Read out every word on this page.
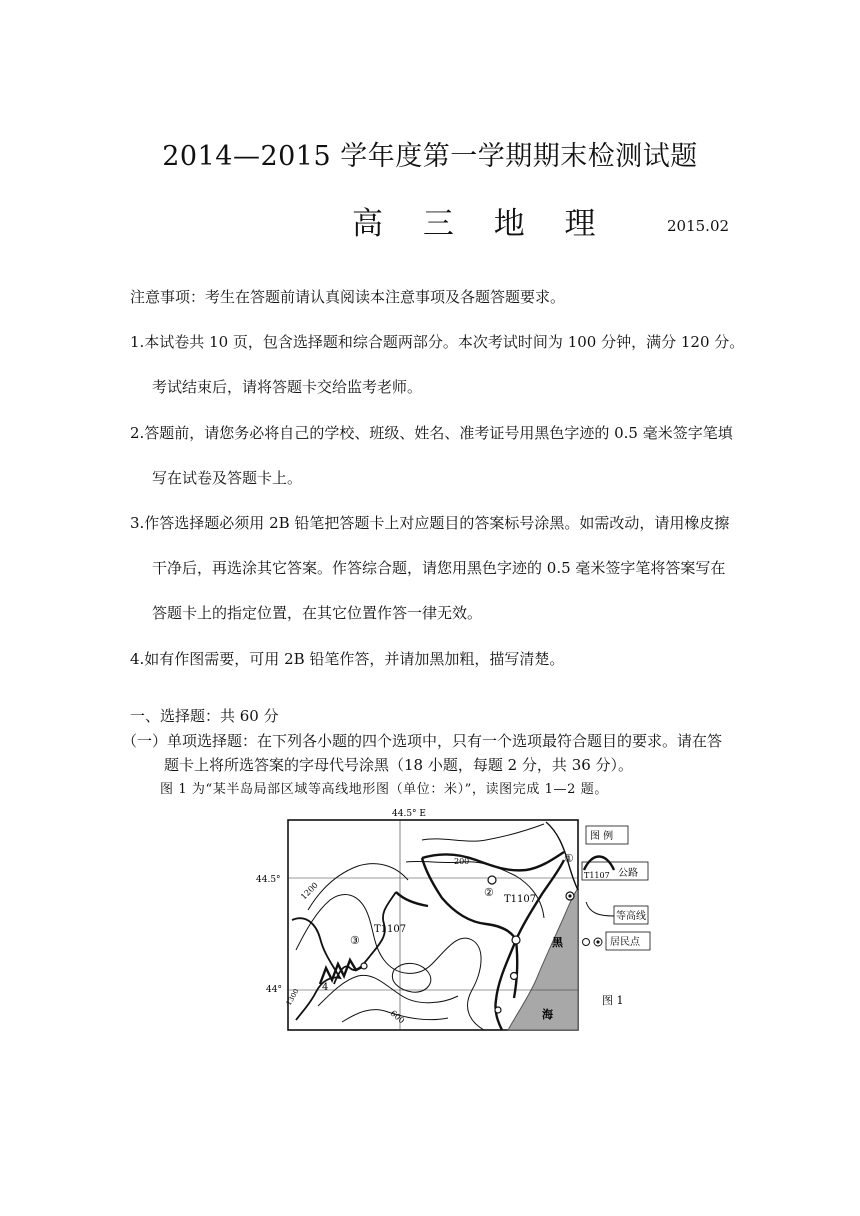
2014—2015 学年度第一学期期末检测试题
高 三 地 理	2015.02
注意事项：考生在答题前请认真阅读本注意事项及各题答题要求。
1.本试卷共 10 页，包含选择题和综合题两部分。本次考试时间为 100 分钟，满分 120 分。
考试结束后，请将答题卡交给监考老师。
2.答题前，请您务必将自己的学校、班级、姓名、准考证号用黑色字迹的 0.5 毫米签字笔填
写在试卷及答题卡上。
3.作答选择题必须用 2B 铅笔把答题卡上对应题目的答案标号涂黑。如需改动，请用橡皮擦
干净后，再选涂其它答案。作答综合题，请您用黑色字迹的 0.5 毫米签字笔将答案写在
答题卡上的指定位置，在其它位置作答一律无效。
4.如有作图需要，可用 2B 铅笔作答，并请加黑加粗，描写清楚。
一、选择题：共 60 分
（一）单项选择题：在下列各小题的四个选项中，只有一个选项最符合题目的要求。请在答
题卡上将所选答案的字母代号涂黑（18 小题，每题 2 分，共 36 分）。
图 1 为“某半岛局部区域等高线地形图（单位：米）”，读图完成 1—2 题。
44.5° E
44.5°
44°
200
1200
1300
600
T1107
T1107
①
②
③
4
黑
海
图 例
T1107 公路
等高线
居民点
图 1
